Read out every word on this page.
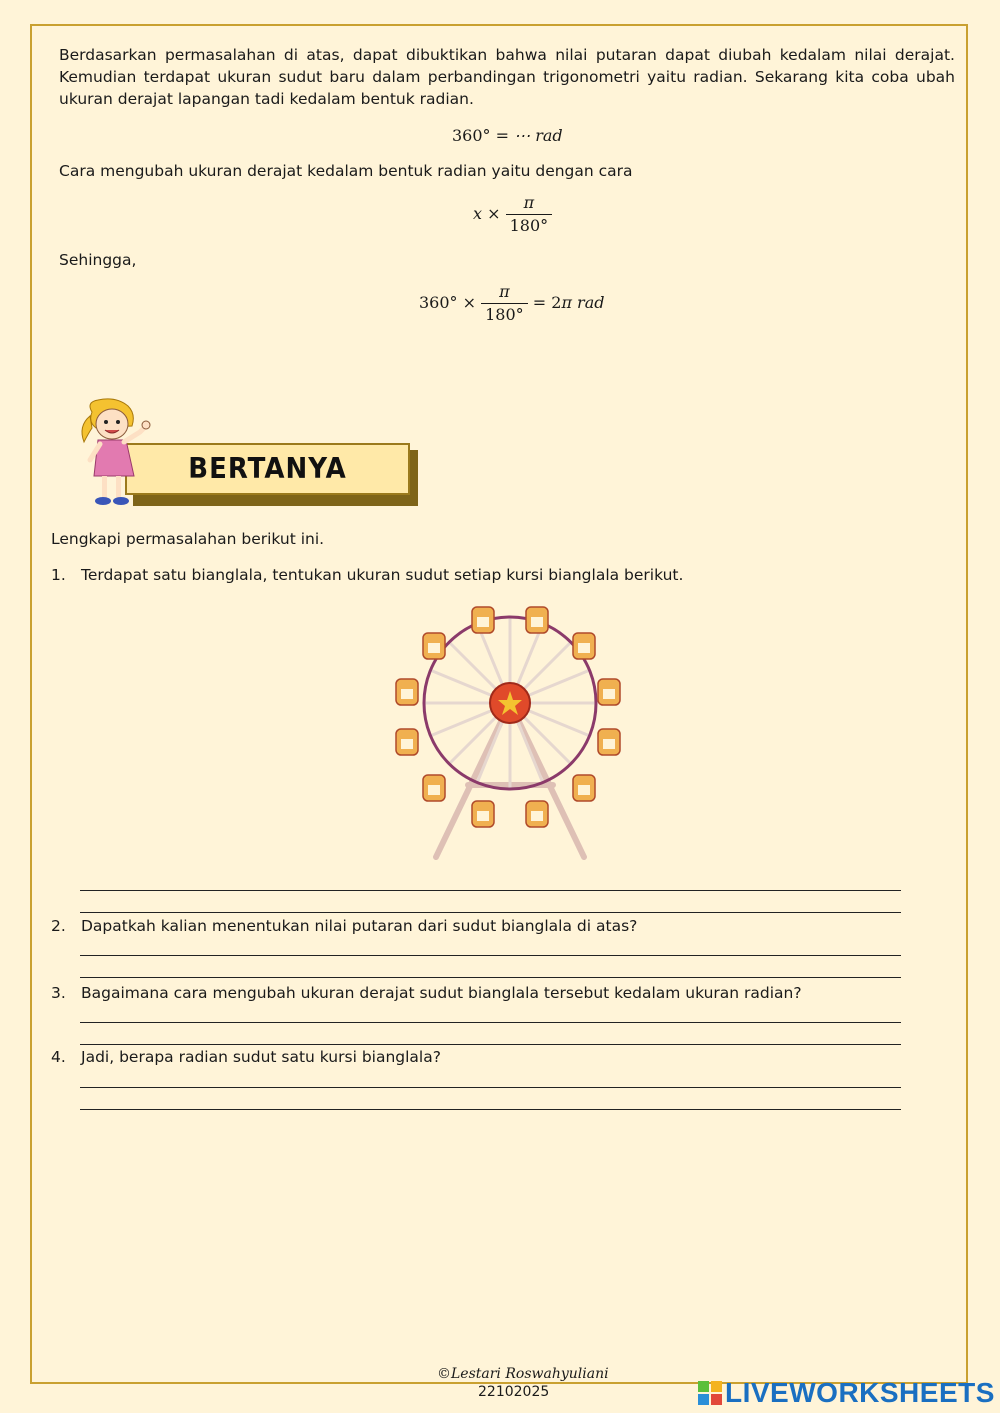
Berdasarkan permasalahan di atas, dapat dibuktikan bahwa nilai putaran dapat diubah kedalam nilai derajat. Kemudian terdapat ukuran sudut baru dalam perbandingan trigonometri yaitu radian. Sekarang kita coba ubah ukuran derajat lapangan tadi kedalam bentuk radian.

360° = ⋯ rad
Cara mengubah ukuran derajat kedalam bentuk radian yaitu dengan cara
$x \times \frac{\pi}{180^\circ}$
Sehingga,
$360^\circ \times \frac{\pi}{180^\circ} = 2\pi$ rad
BERTANYA
Lengkapi permasalahan berikut ini.
1. Terdapat satu bianglala, tentukan ukuran sudut setiap kursi bianglala berikut.
2. Dapatkah kalian menentukan nilai putaran dari sudut bianglala di atas?
3. Bagaimana cara mengubah ukuran derajat sudut bianglala tersebut kedalam ukuran radian?
4. Jadi, berapa radian sudut satu kursi bianglala?
©Lestari Roswahyuliani
22102025	LIVEWORKSHEETS
